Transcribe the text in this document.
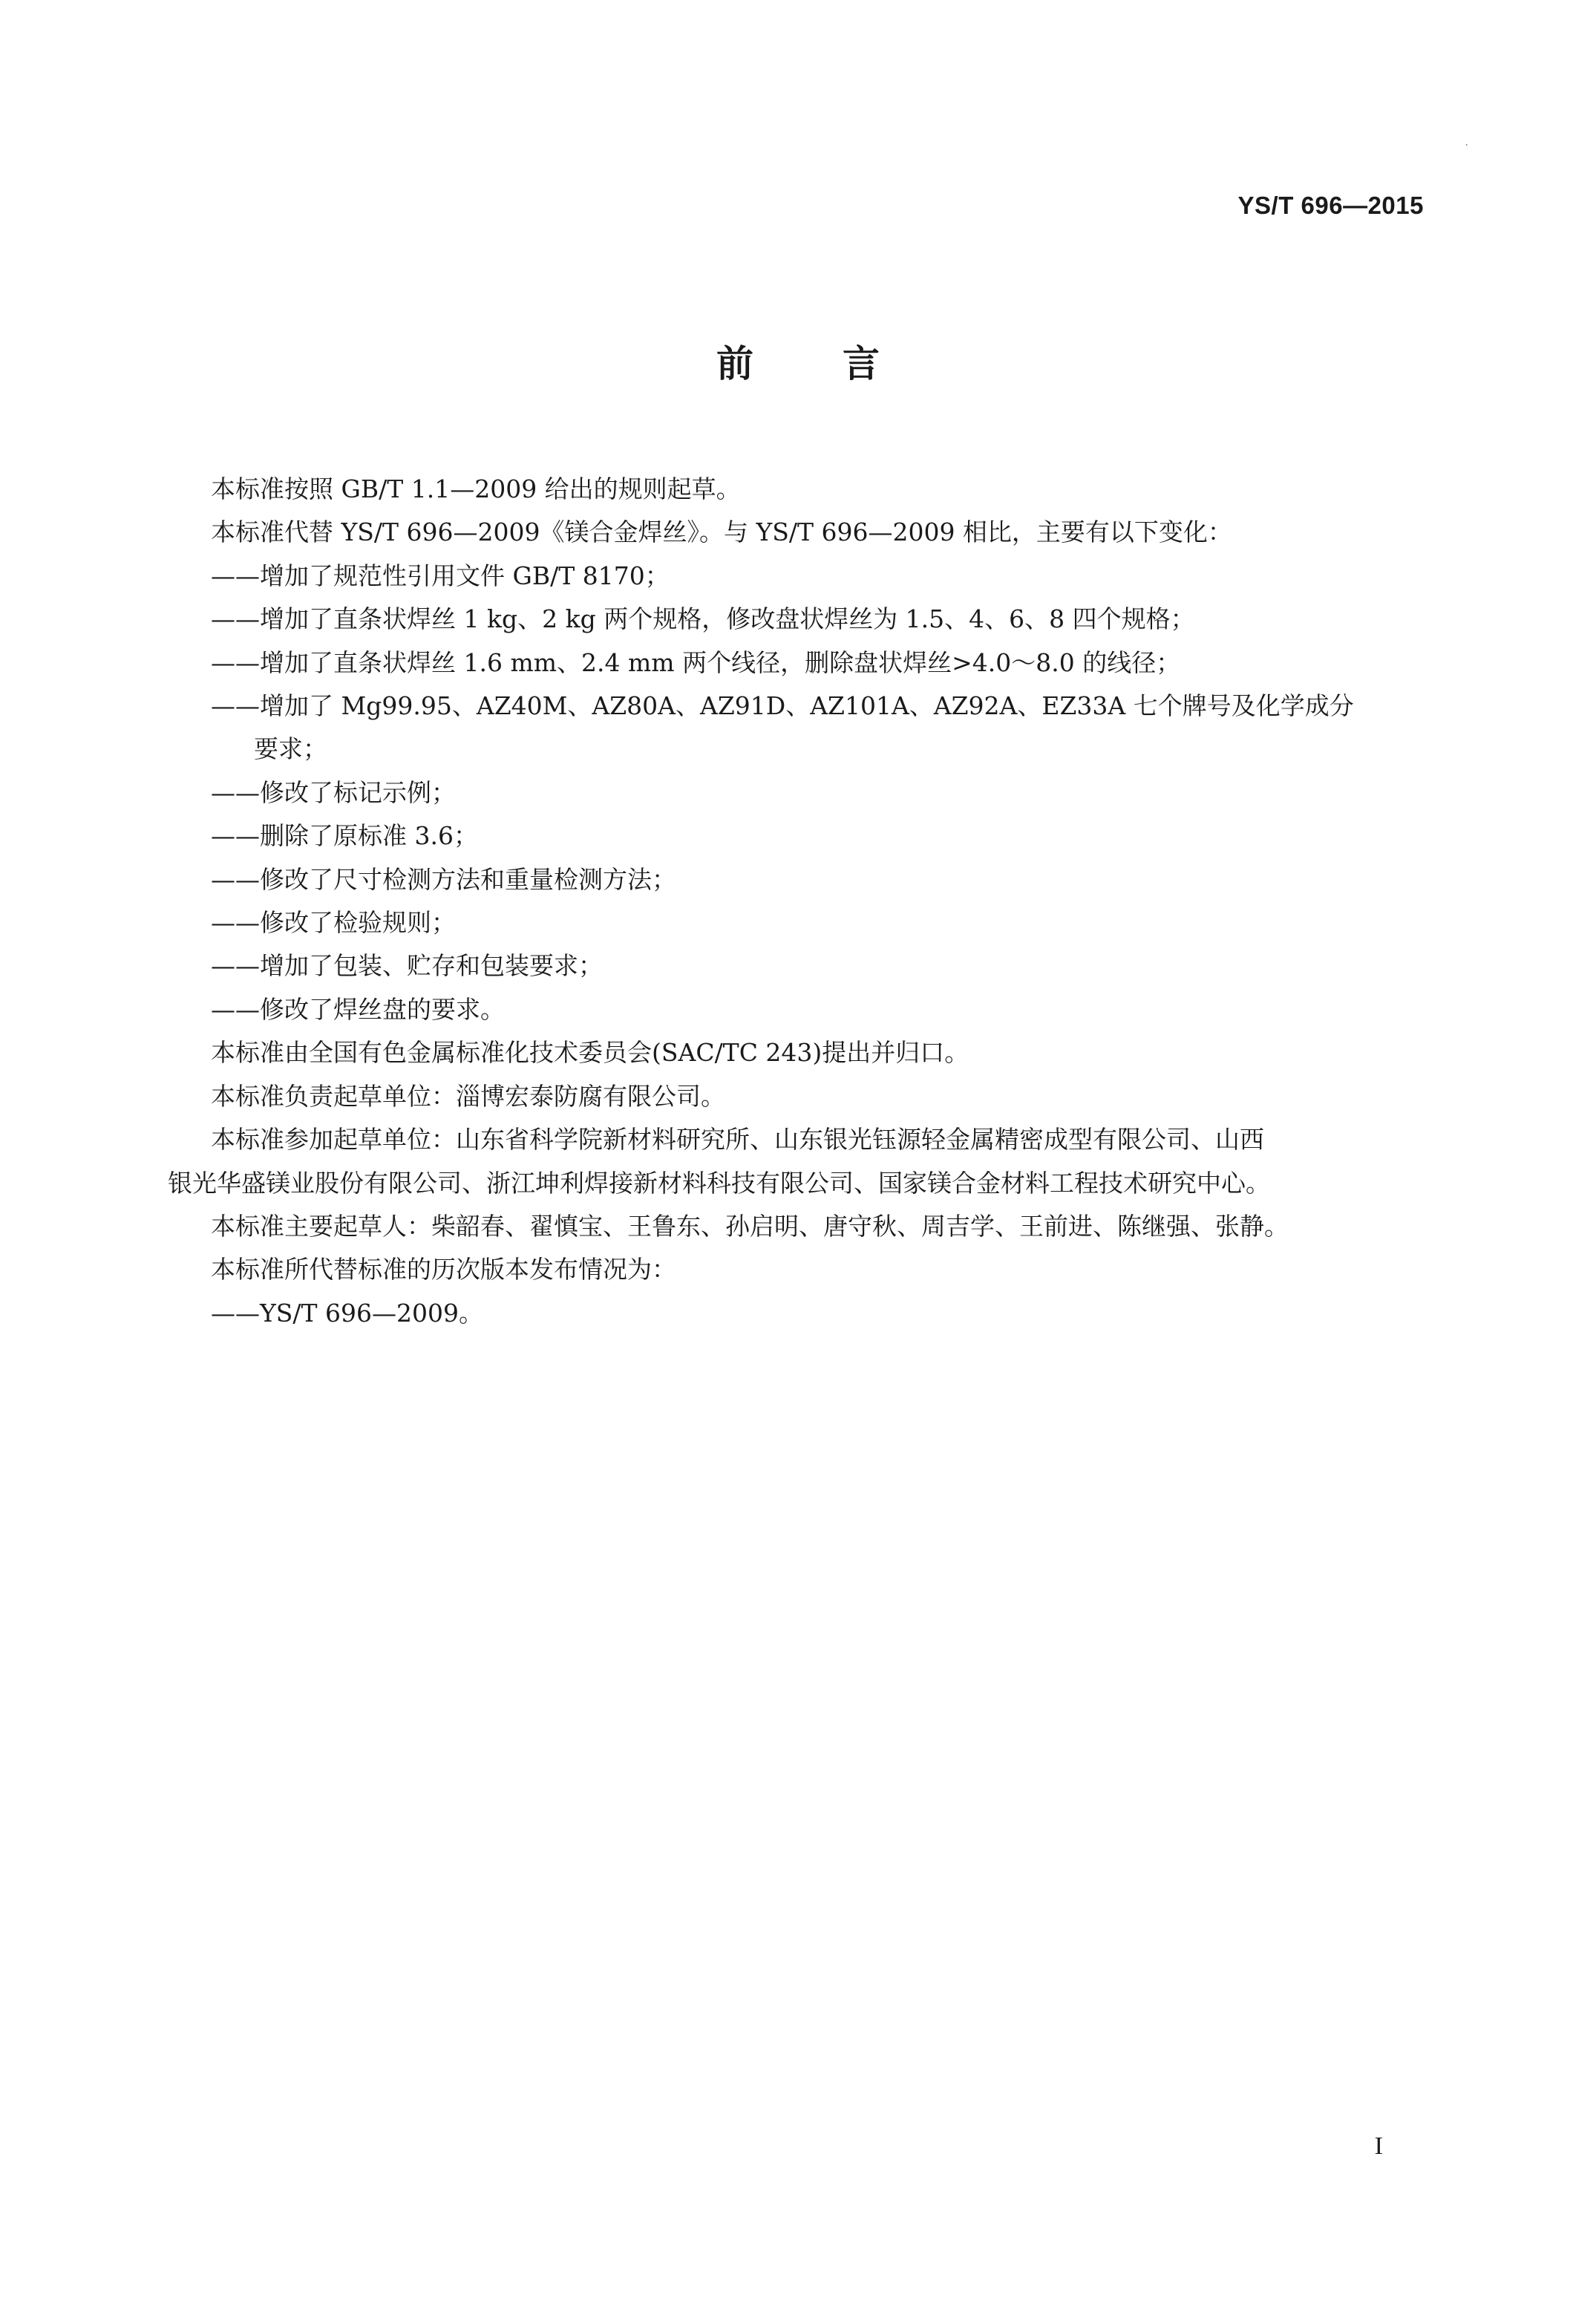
·
YS/T 696—2015
前言

本标准按照 GB/T 1.1—2009 给出的规则起草。

本标准代替 YS/T 696—2009《镁合金焊丝》。与 YS/T 696—2009 相比，主要有以下变化：

——增加了规范性引用文件 GB/T 8170；

——增加了直条状焊丝 1 kg、2 kg 两个规格，修改盘状焊丝为 1.5、4、6、8 四个规格；

——增加了直条状焊丝 1.6 mm、2.4 mm 两个线径，删除盘状焊丝>4.0～8.0 的线径；

——增加了 Mg99.95、AZ40M、AZ80A、AZ91D、AZ101A、AZ92A、EZ33A 七个牌号及化学成分

要求；

——修改了标记示例；

——删除了原标准 3.6；

——修改了尺寸检测方法和重量检测方法；

——修改了检验规则；

——增加了包装、贮存和包装要求；

——修改了焊丝盘的要求。

本标准由全国有色金属标准化技术委员会(SAC/TC 243)提出并归口。

本标准负责起草单位：淄博宏泰防腐有限公司。

本标准参加起草单位：山东省科学院新材料研究所、山东银光钰源轻金属精密成型有限公司、山西

银光华盛镁业股份有限公司、浙江坤利焊接新材料科技有限公司、国家镁合金材料工程技术研究中心。

本标准主要起草人：柴韶春、翟慎宝、王鲁东、孙启明、唐守秋、周吉学、王前进、陈继强、张静。

本标准所代替标准的历次版本发布情况为：

——YS/T 696—2009。

I
